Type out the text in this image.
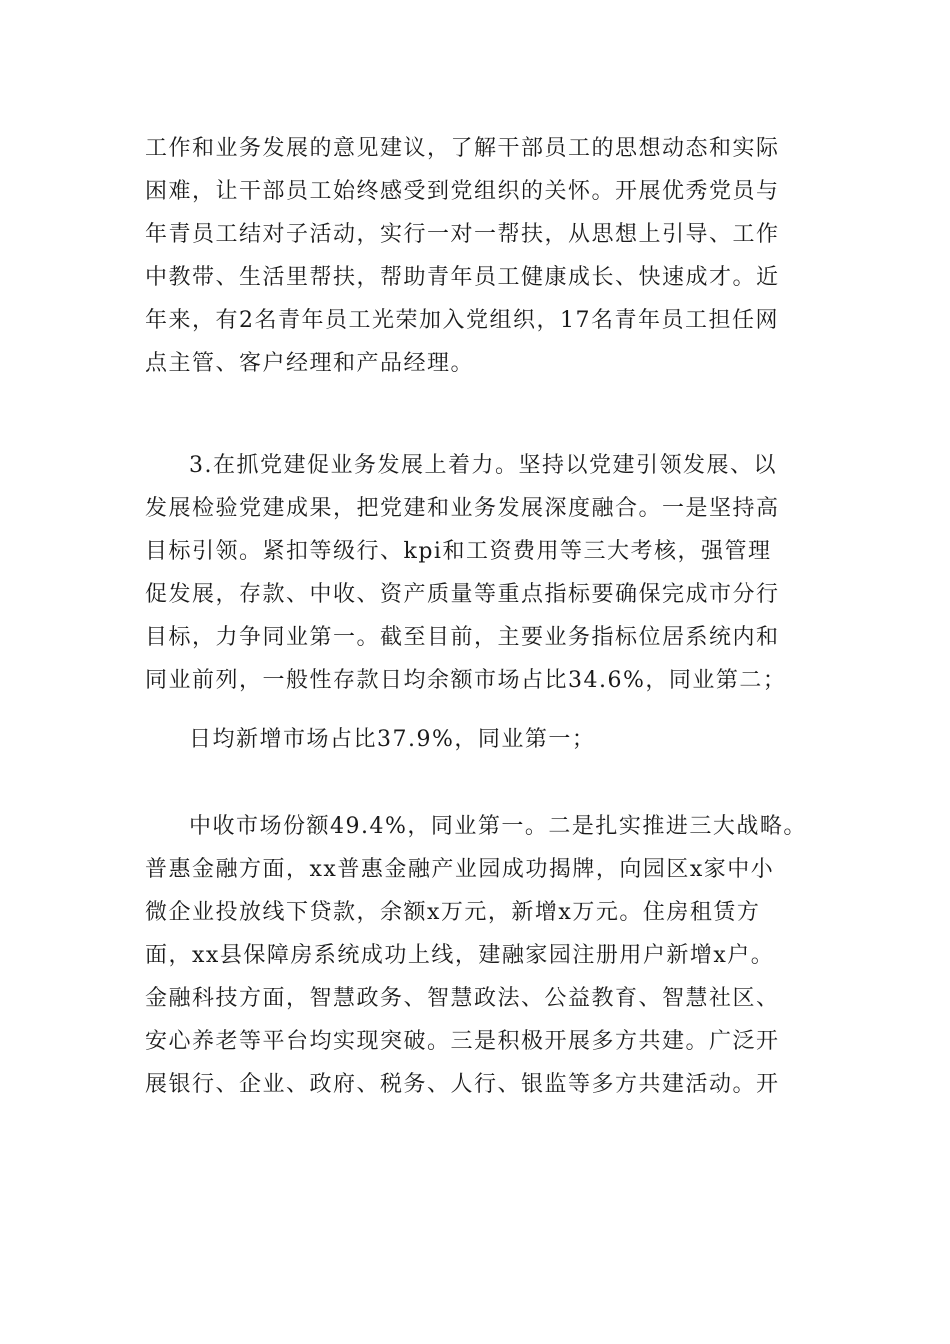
工作和业务发展的意见建议，了解干部员工的思想动态和实际
困难，让干部员工始终感受到党组织的关怀。开展优秀党员与
年青员工结对子活动，实行一对一帮扶，从思想上引导、工作
中教带、生活里帮扶，帮助青年员工健康成长、快速成才。近
年来，有2名青年员工光荣加入党组织，17名青年员工担任网
点主管、客户经理和产品经理。
3.在抓党建促业务发展上着力。坚持以党建引领发展、以
发展检验党建成果，把党建和业务发展深度融合。一是坚持高
目标引领。紧扣等级行、kpi和工资费用等三大考核，强管理
促发展，存款、中收、资产质量等重点指标要确保完成市分行
目标，力争同业第一。截至目前，主要业务指标位居系统内和
同业前列，一般性存款日均余额市场占比34.6%，同业第二；
日均新增市场占比37.9%，同业第一；
中收市场份额49.4%，同业第一。二是扎实推进三大战略。
普惠金融方面，xx普惠金融产业园成功揭牌，向园区x家中小
微企业投放线下贷款，余额x万元，新增x万元。住房租赁方
面，xx县保障房系统成功上线，建融家园注册用户新增x户。
金融科技方面，智慧政务、智慧政法、公益教育、智慧社区、
安心养老等平台均实现突破。三是积极开展多方共建。广泛开
展银行、企业、政府、税务、人行、银监等多方共建活动。开
